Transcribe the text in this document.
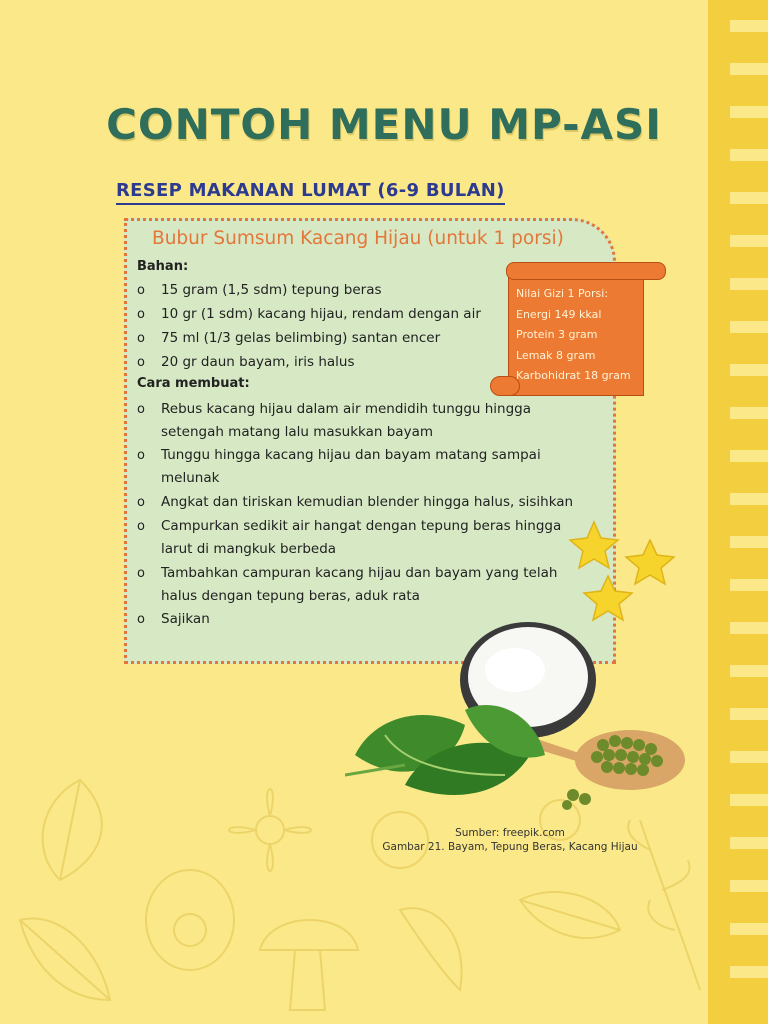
CONTOH MENU MP-ASI
RESEP MAKANAN LUMAT (6-9 BULAN)
Bubur Sumsum Kacang Hijau (untuk 1 porsi)
Bahan:
o	15 gram (1,5 sdm) tepung beras
o	10 gr (1 sdm) kacang hijau, rendam dengan air
o	75 ml (1/3 gelas belimbing) santan encer
o	20 gr daun bayam, iris halus
Cara membuat:
o	Rebus kacang hijau dalam air mendidih tunggu hingga setengah matang lalu masukkan bayam
o	Tunggu hingga kacang hijau dan bayam matang sampai melunak
o	Angkat dan tiriskan kemudian blender hingga halus, sisihkan
o	Campurkan sedikit air hangat dengan tepung beras hingga larut di mangkuk berbeda
o	Tambahkan campuran kacang hijau dan bayam yang telah halus dengan tepung beras, aduk rata
o	Sajikan
Nilai Gizi 1 Porsi:
Energi 149 kkal
Protein 3 gram
Lemak 8 gram
Karbohidrat 18 gram
Sumber: freepik.com
Gambar 21. Bayam, Tepung Beras, Kacang Hijau
